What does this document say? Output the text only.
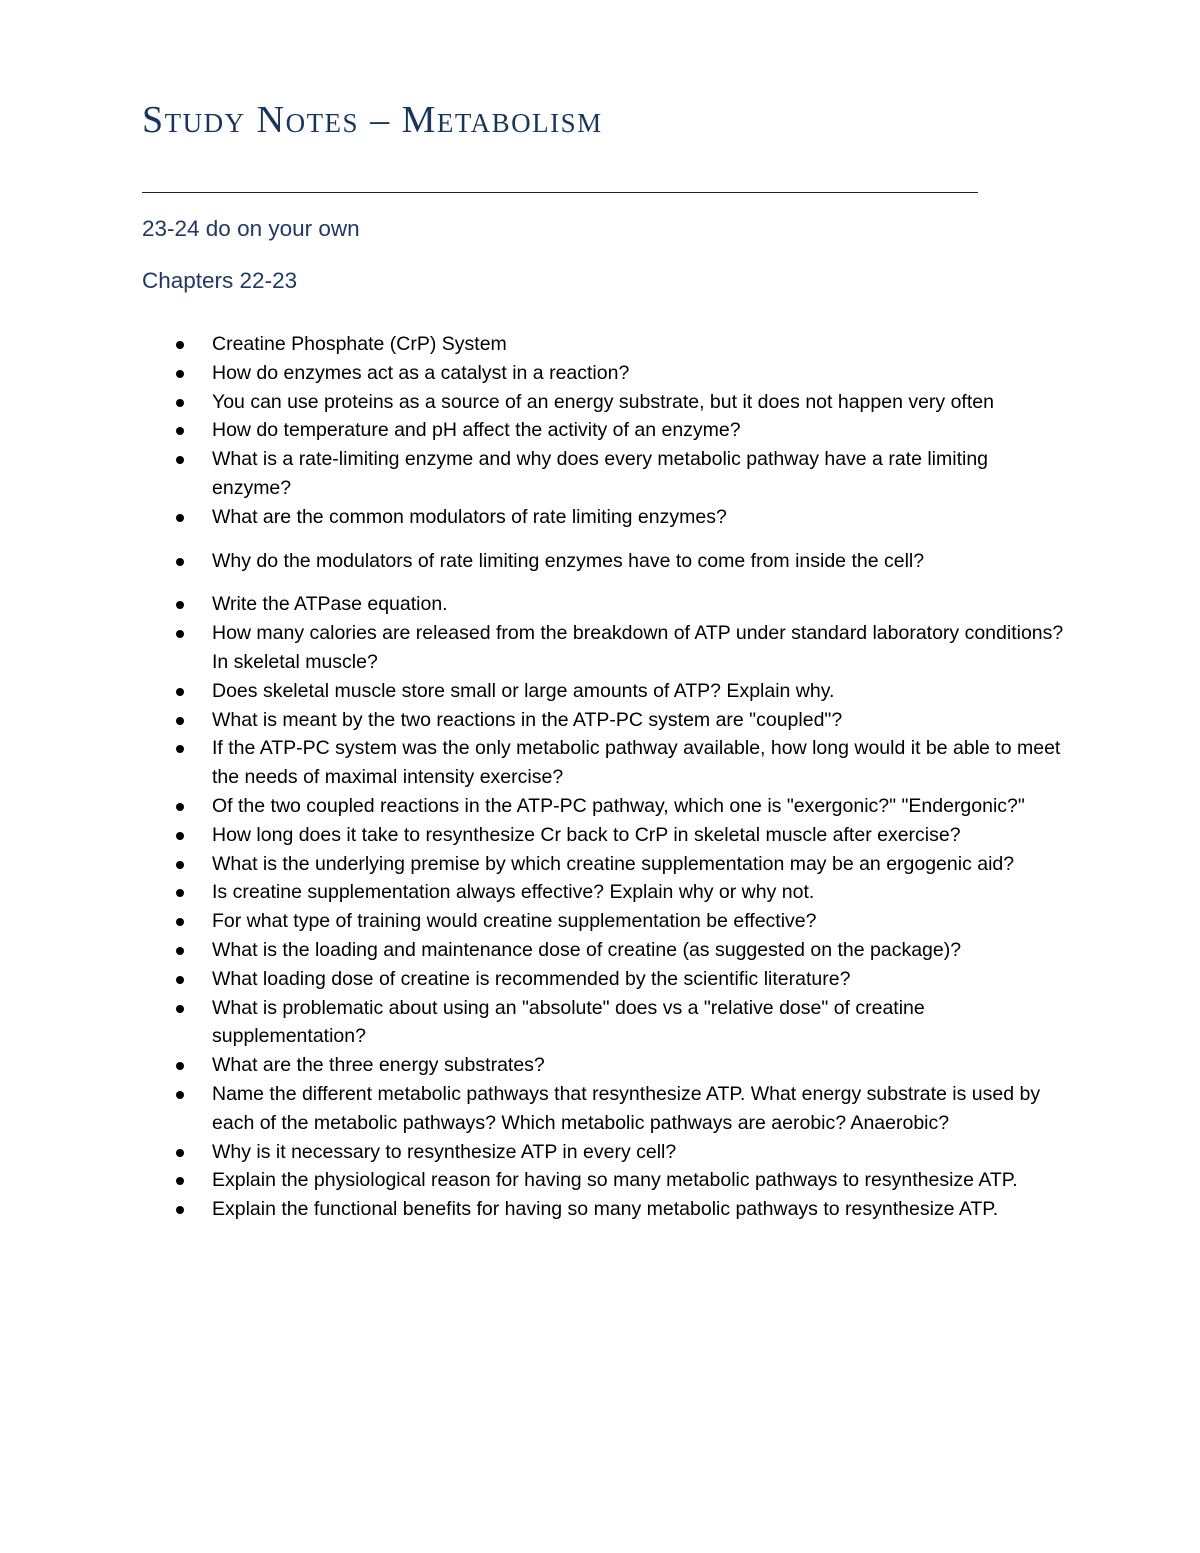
Study Notes – Metabolism

23-24 do on your own

Chapters 22-23

Creatine Phosphate (CrP) System
How do enzymes act as a catalyst in a reaction?
You can use proteins as a source of an energy substrate, but it does not happen very often
How do temperature and pH affect the activity of an enzyme?
What is a rate-limiting enzyme and why does every metabolic pathway have a rate limiting enzyme?
What are the common modulators of rate limiting enzymes?
Why do the modulators of rate limiting enzymes have to come from inside the cell?
Write the ATPase equation.
How many calories are released from the breakdown of ATP under standard laboratory conditions? In skeletal muscle?
Does skeletal muscle store small or large amounts of ATP? Explain why.
What is meant by the two reactions in the ATP-PC system are "coupled"?
If the ATP-PC system was the only metabolic pathway available, how long would it be able to meet the needs of maximal intensity exercise?
Of the two coupled reactions in the ATP-PC pathway, which one is "exergonic?" "Endergonic?"
How long does it take to resynthesize Cr back to CrP in skeletal muscle after exercise?
What is the underlying premise by which creatine supplementation may be an ergogenic aid?
Is creatine supplementation always effective? Explain why or why not.
For what type of training would creatine supplementation be effective?
What is the loading and maintenance dose of creatine (as suggested on the package)?
What loading dose of creatine is recommended by the scientific literature?
What is problematic about using an "absolute" does vs a "relative dose" of creatine supplementation?
What are the three energy substrates?
Name the different metabolic pathways that resynthesize ATP. What energy substrate is used by each of the metabolic pathways? Which metabolic pathways are aerobic? Anaerobic?
Why is it necessary to resynthesize ATP in every cell?
Explain the physiological reason for having so many metabolic pathways to resynthesize ATP.
Explain the functional benefits for having so many metabolic pathways to resynthesize ATP.
